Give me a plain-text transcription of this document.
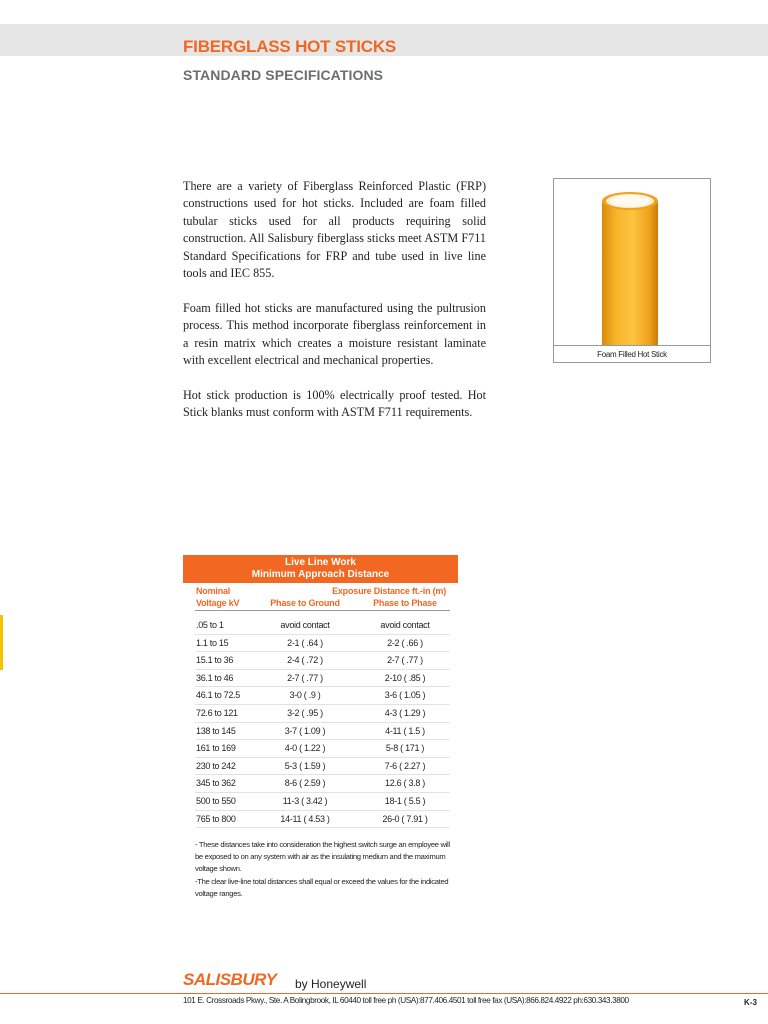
FIBERGLASS HOT STICKS
STANDARD SPECIFICATIONS

There are a variety of Fiberglass Reinforced Plastic (FRP) constructions used for hot sticks. Included are foam filled tubular sticks used for all products requiring solid construction. All Salisbury fiberglass sticks meet ASTM F711 Standard Specifications for FRP and tube used in live line tools and IEC 855.

Foam filled hot sticks are manufactured using the pultrusion process. This method incorporate fiberglass reinforcement in a resin matrix which creates a moisture resistant laminate with excellent electrical and mechanical properties.

Hot stick production is 100% electrically proof tested. Hot Stick blanks must conform with ASTM F711 requirements.

Foam Filled Hot Stick
Live Line Work
Minimum Approach Distance
Nominal
Voltage kV
Exposure Distance ft.-in (m)
Phase to Ground	Phase to Phase
.05 to 1	avoid contact	avoid contact
1.1 to 15	2-1 ( .64 )	2-2 ( .66 )
15.1 to 36	2-4 ( .72 )	2-7 ( .77 )
36.1 to 46	2-7 ( .77 )	2-10 ( .85 )
46.1 to 72.5	3-0 ( .9 )	3-6 ( 1.05 )
72.6 to 121	3-2 ( .95 )	4-3 ( 1.29 )
138 to 145	3-7 ( 1.09 )	4-11 ( 1.5 )
161 to 169	4-0 ( 1.22 )	5-8 ( 171 )
230 to 242	5-3 ( 1.59 )	7-6 ( 2.27 )
345 to 362	8-6 ( 2.59 )	12.6 ( 3.8 )
500 to 550	11-3 ( 3.42 )	18-1 ( 5.5 )
765 to 800	14-11 ( 4.53 )	26-0 ( 7.91 )
- These distances take into consideration the highest switch surge an employee will be exposed to on any system with air as the insulating medium and the maximum voltage shown.
-The clear live-line total distances shall equal or exceed the values for the indicated voltage ranges.
SALISBURY by Honeywell
101 E. Crossroads Pkwy., Ste. A Bolingbrook, IL 60440 toll free ph (USA):877.406.4501 toll free fax (USA):866.824.4922 ph:630.343.3800	K-3
